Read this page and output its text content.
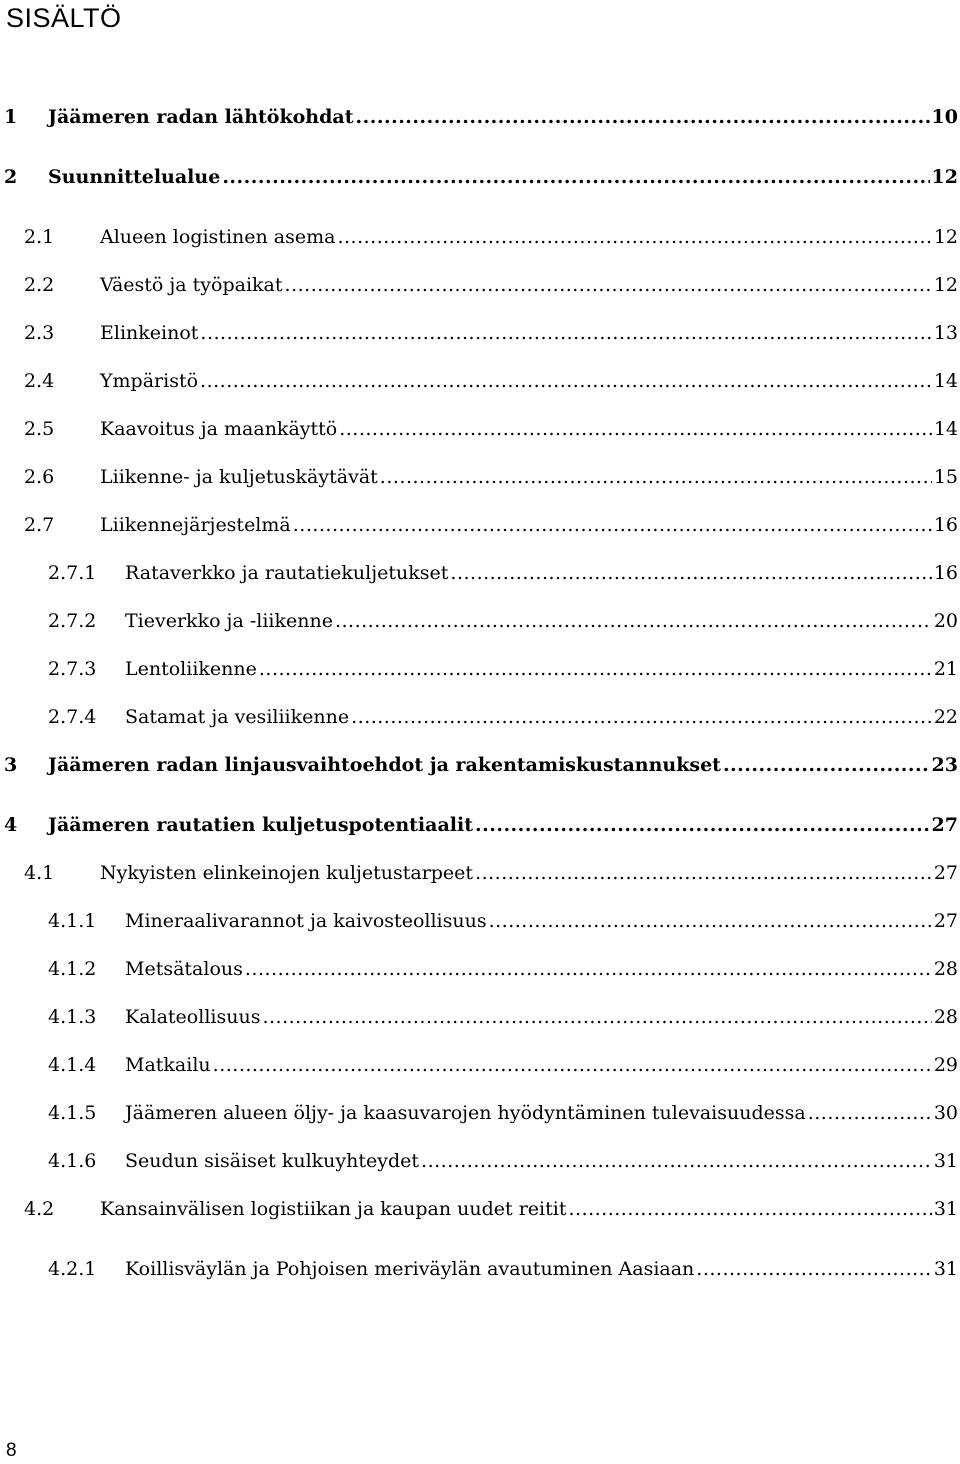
SISÄLTÖ
1	Jäämeren radan lähtökohdat .....	10
2	Suunnittelualue .....	12
2.1	Alueen logistinen asema .....	12
2.2	Väestö ja työpaikat .....	12
2.3	Elinkeinot .....	13
2.4	Ympäristö .....	14
2.5	Kaavoitus ja maankäyttö .....	14
2.6	Liikenne- ja kuljetuskäytävät .....	15
2.7	Liikennejärjestelmä .....	16
2.7.1	Rataverkko ja rautatiekuljetukset .....	16
2.7.2	Tieverkko ja -liikenne .....	20
2.7.3	Lentoliikenne .....	21
2.7.4	Satamat ja vesiliikenne .....	22
3	Jäämeren radan linjausvaihtoehdot ja rakentamiskustannukset .....	23
4	Jäämeren rautatien kuljetuspotentiaalit .....	27
4.1	Nykyisten elinkeinojen kuljetustarpeet .....	27
4.1.1	Mineraalivarannot ja kaivosteollisuus .....	27
4.1.2	Metsätalous .....	28
4.1.3	Kalateollisuus .....	28
4.1.4	Matkailu .....	29
4.1.5	Jäämeren alueen öljy- ja kaasuvarojen hyödyntäminen tulevaisuudessa .....	30
4.1.6	Seudun sisäiset kulkuyhteydet .....	31
4.2	Kansainvälisen logistiikan ja kaupan uudet reitit .....	31
4.2.1	Koillisväylän ja Pohjoisen meriväylän avautuminen Aasiaan .....	31
8
